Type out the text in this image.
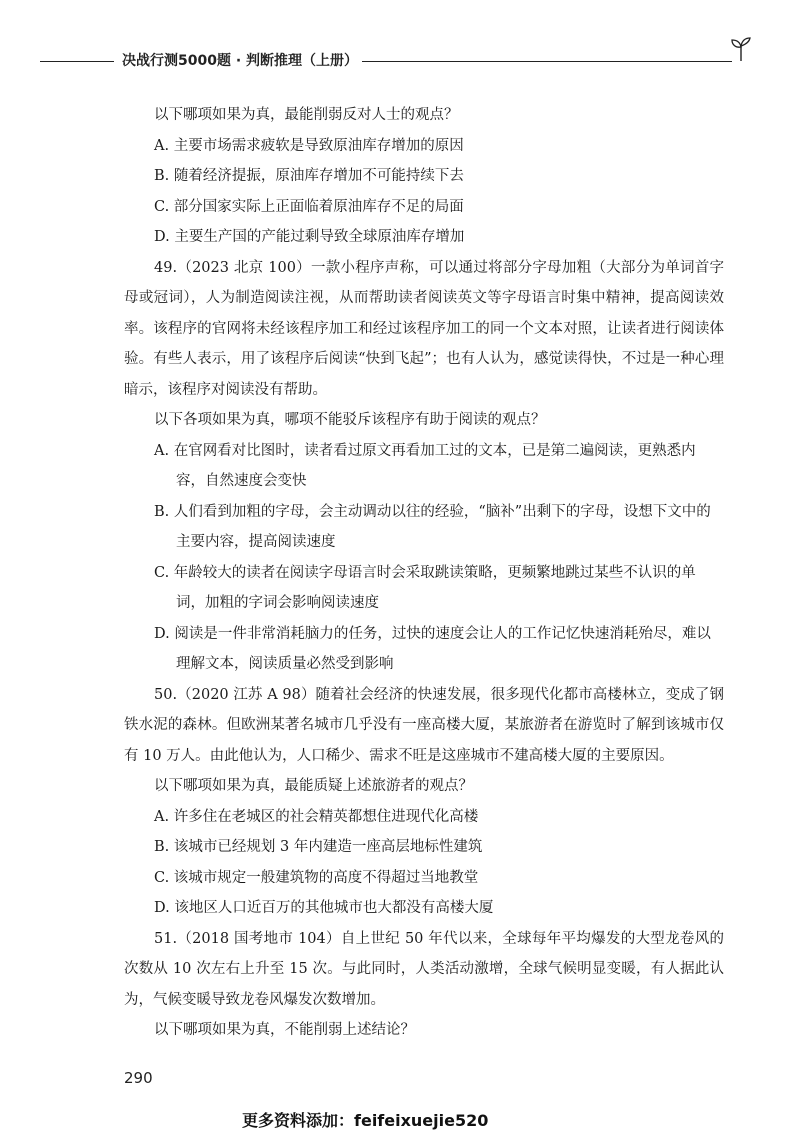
决战行测5000题 · 判断推理（上册）

以下哪项如果为真，最能削弱反对人士的观点？

A. 主要市场需求疲软是导致原油库存增加的原因

B. 随着经济提振，原油库存增加不可能持续下去

C. 部分国家实际上正面临着原油库存不足的局面

D. 主要生产国的产能过剩导致全球原油库存增加

49.（2023 北京 100）一款小程序声称，可以通过将部分字母加粗（大部分为单词首字母或冠词），人为制造阅读注视，从而帮助读者阅读英文等字母语言时集中精神，提高阅读效率。该程序的官网将未经该程序加工和经过该程序加工的同一个文本对照，让读者进行阅读体验。有些人表示，用了该程序后阅读“快到飞起”；也有人认为，感觉读得快，不过是一种心理暗示，该程序对阅读没有帮助。

以下各项如果为真，哪项不能驳斥该程序有助于阅读的观点？

A. 在官网看对比图时，读者看过原文再看加工过的文本，已是第二遍阅读，更熟悉内容，自然速度会变快

B. 人们看到加粗的字母，会主动调动以往的经验，“脑补”出剩下的字母，设想下文中的主要内容，提高阅读速度

C. 年龄较大的读者在阅读字母语言时会采取跳读策略，更频繁地跳过某些不认识的单词，加粗的字词会影响阅读速度

D. 阅读是一件非常消耗脑力的任务，过快的速度会让人的工作记忆快速消耗殆尽，难以理解文本，阅读质量必然受到影响

50.（2020 江苏 A 98）随着社会经济的快速发展，很多现代化都市高楼林立，变成了钢铁水泥的森林。但欧洲某著名城市几乎没有一座高楼大厦，某旅游者在游览时了解到该城市仅有 10 万人。由此他认为，人口稀少、需求不旺是这座城市不建高楼大厦的主要原因。

以下哪项如果为真，最能质疑上述旅游者的观点？

A. 许多住在老城区的社会精英都想住进现代化高楼

B. 该城市已经规划 3 年内建造一座高层地标性建筑

C. 该城市规定一般建筑物的高度不得超过当地教堂

D. 该地区人口近百万的其他城市也大都没有高楼大厦

51.（2018 国考地市 104）自上世纪 50 年代以来，全球每年平均爆发的大型龙卷风的次数从 10 次左右上升至 15 次。与此同时，人类活动激增，全球气候明显变暖，有人据此认为，气候变暖导致龙卷风爆发次数增加。

以下哪项如果为真，不能削弱上述结论？

290
更多资料添加：feifeixuejie520
